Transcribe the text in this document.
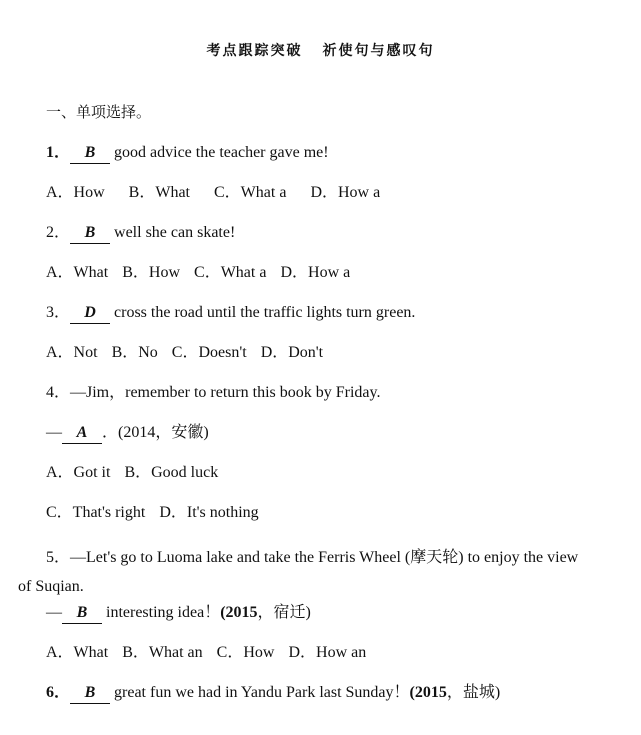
考点跟踪突破 祈使句与感叹句
一、单项选择。
1． B good advice the teacher gave me!
A．How B．What C．What a D．How a
2． B well she can skate!
A．What B．How C．What a D．How a
3． D cross the road until the traffic lights turn green.
A．Not B．No C．Doesn't D．Don't
4．—Jim，remember to return this book by Friday.
— A ．(2014，安徽)
A．Got it B．Good luck
C．That's right D．It's nothing
5．—Let's go to Luoma lake and take the Ferris Wheel (摩天轮) to enjoy the view
of Suqian.
— B interesting idea！(2015，宿迁)
A．What B．What an C．How D．How an
6． B great fun we had in Yandu Park last Sunday！(2015，盐城)
